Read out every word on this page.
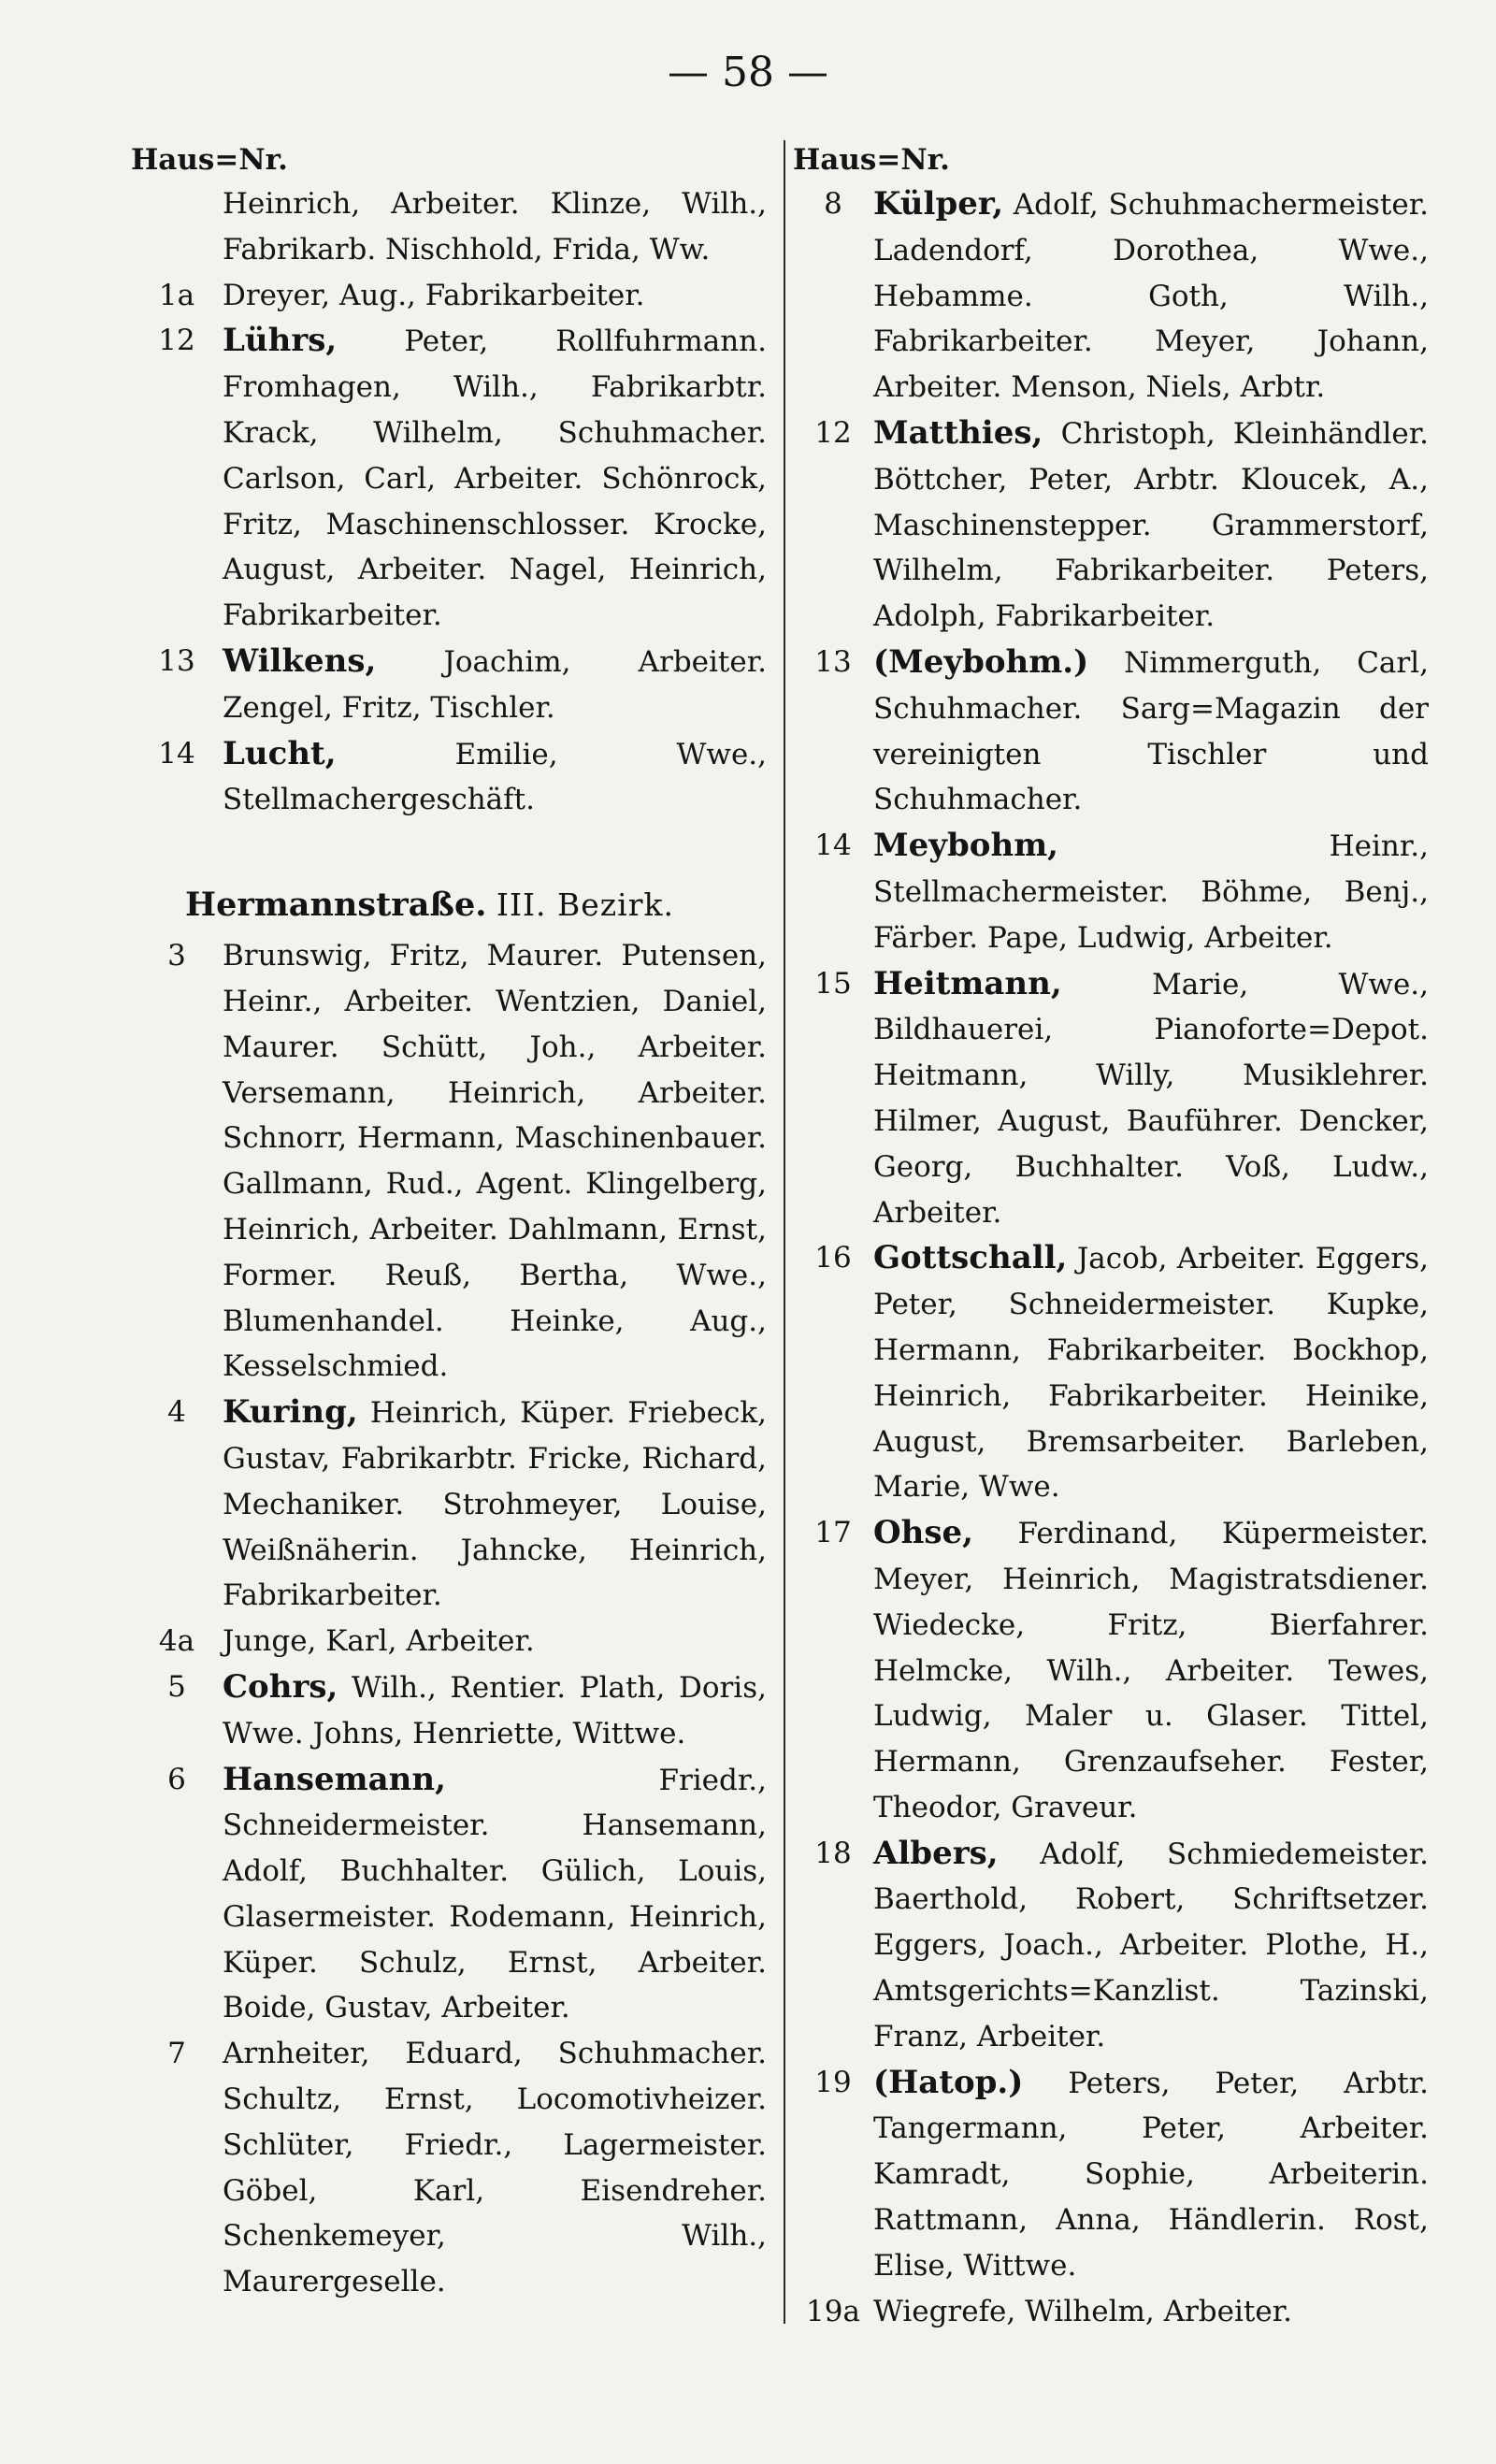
— 58 —
Haus=Nr.
Heinrich, Arbeiter. Klinze, Wilh., Fabrikarb. Nischhold, Frida, Ww.
1a Dreyer, Aug., Fabrikarbeiter.
12 Lührs, Peter, Rollfuhrmann. Fromhagen, Wilh., Fabrikarbtr. Krack, Wilhelm, Schuhmacher. Carlson, Carl, Arbeiter. Schönrock, Fritz, Maschinenschlosser. Krocke, August, Arbeiter. Nagel, Heinrich, Fabrikarbeiter.
13 Wilkens, Joachim, Arbeiter. Zengel, Fritz, Tischler.
14 Lucht,	Emilie, Wwe., Stellmachergeschäft.
Hermannstraße. III. Bezirk.
3	Brunswig, Fritz, Maurer. Putensen, Heinr., Arbeiter. Wentzien, Daniel, Maurer. Schütt, Joh., Arbeiter. Versemann, Heinrich, Arbeiter. Schnorr, Hermann, Maschinenbauer. Gallmann, Rud., Agent. Klingelberg, Heinrich, Arbeiter. Dahlmann, Ernst, Former. Reuß, Bertha, Wwe., Blumenhandel. Heinke, Aug., Kesselschmied.
4	Kuring, Heinrich, Küper. Friebeck, Gustav, Fabrikarbtr. Fricke, Richard, Mechaniker. Strohmeyer, Louise, Weißnäherin. Jahncke, Heinrich, Fabrikarbeiter.
4a Junge, Karl, Arbeiter.
5	Cohrs, Wilh., Rentier. Plath, Doris, Wwe. Johns, Henriette, Wittwe.
6	Hansemann,	Friedr., Schneidermeister. Hansemann, Adolf, Buchhalter. Gülich, Louis, Glasermeister. Rodemann, Heinrich, Küper. Schulz, Ernst, Arbeiter. Boide, Gustav, Arbeiter.
7	Arnheiter, Eduard, Schuhmacher. Schultz, Ernst, Locomotivheizer. Schlüter, Friedr., Lagermeister. Göbel, Karl, Eisendreher. Schenkemeyer, Wilh., Maurergeselle.
Haus=Nr.
8 Külper, Adolf, Schuhmachermeister. Ladendorf, Dorothea, Wwe., Hebamme. Goth, Wilh., Fabrikarbeiter. Meyer, Johann, Arbeiter. Menson, Niels, Arbtr.
12 Matthies, Christoph, Kleinhändler. Böttcher, Peter, Arbtr. Kloucek, A., Maschinenstepper. Grammerstorf, Wilhelm, Fabrikarbeiter. Peters, Adolph, Fabrikarbeiter.
13 (Meybohm.) Nimmerguth, Carl, Schuhmacher. Sarg=Magazin der vereinigten Tischler und Schuhmacher.
14 Meybohm,	Heinr., Stellmachermeister. Böhme, Benj., Färber. Pape, Ludwig, Arbeiter.
15 Heitmann,	Marie, Wwe., Bildhauerei, Pianoforte=Depot. Heitmann, Willy, Musiklehrer. Hilmer, August, Bauführer. Dencker, Georg, Buchhalter. Voß, Ludw., Arbeiter.
16 Gottschall, Jacob, Arbeiter. Eggers, Peter, Schneidermeister. Kupke, Hermann, Fabrikarbeiter. Bockhop, Heinrich, Fabrikarbeiter. Heinike, August, Bremsarbeiter. Barleben, Marie, Wwe.
17 Ohse, Ferdinand, Küpermeister. Meyer, Heinrich, Magistratsdiener. Wiedecke, Fritz, Bierfahrer. Helmcke, Wilh., Arbeiter. Tewes, Ludwig, Maler u. Glaser. Tittel, Hermann, Grenzaufseher. Fester, Theodor, Graveur.
18 Albers, Adolf, Schmiedemeister. Baerthold, Robert, Schriftsetzer. Eggers, Joach., Arbeiter. Plothe, H., Amtsgerichts=Kanzlist. Tazinski, Franz, Arbeiter.
19 (Hatop.) Peters, Peter, Arbtr. Tangermann, Peter, Arbeiter. Kamradt, Sophie, Arbeiterin. Rattmann, Anna, Händlerin. Rost, Elise, Wittwe.
19a Wiegrefe, Wilhelm, Arbeiter.
